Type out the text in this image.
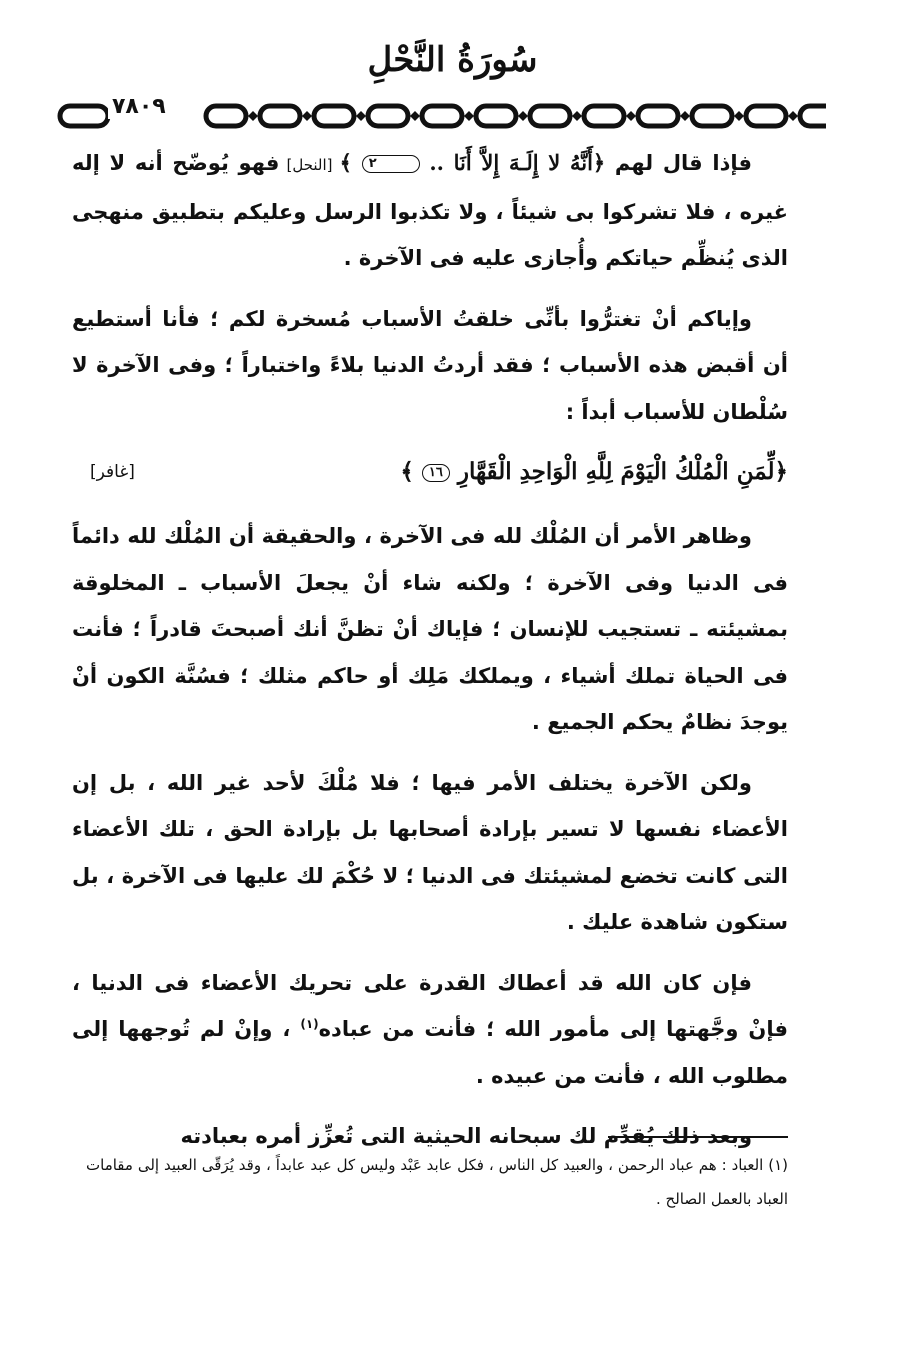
سُورَةُ النَّحْلِ
٧٨٠٩

فإذا قال لهم ﴿أَنَّهُ لا إِلَـهَ إِلاَّ أَنَا .. ٢ ﴾ [النحل] فهو يُوضّح أنه لا إله غيره ، فلا تشركوا بى شيئاً ، ولا تكذبوا الرسل وعليكم بتطبيق منهجى الذى يُنظِّم حياتكم وأُجازى عليه فى الآخرة .

وإياكم أنْ تغترُّوا بأنِّى خلقتُ الأسباب مُسخرة لكم ؛ فأنا أستطيع أن أقبض هذه الأسباب ؛ فقد أردتُ الدنيا بلاءً واختباراً ؛ وفى الآخرة لا سُلْطان للأسباب أبداً :

﴿لِّمَنِ الْمُلْكُ الْيَوْمَ لِلَّهِ الْوَاحِدِ الْقَهَّارِ ١٦ ﴾
[غافر]

وظاهر الأمر أن المُلْك لله فى الآخرة ، والحقيقة أن المُلْك لله دائماً فى الدنيا وفى الآخرة ؛ ولكنه شاء أنْ يجعلَ الأسباب ـ المخلوقة بمشيئته ـ تستجيب للإنسان ؛ فإياك أنْ تظنَّ أنك أصبحتَ قادراً ؛ فأنت فى الحياة تملك أشياء ، ويملكك مَلِك أو حاكم مثلك ؛ فسُنَّة الكون أنْ يوجدَ نظامٌ يحكم الجميع .

ولكن الآخرة يختلف الأمر فيها ؛ فلا مُلْكَ لأحد غير الله ، بل إن الأعضاء نفسها لا تسير بإرادة أصحابها بل بإرادة الحق ، تلك الأعضاء التى كانت تخضع لمشيئتك فى الدنيا ؛ لا حُكْمَ لك عليها فى الآخرة ، بل ستكون شاهدة عليك .

فإن كان الله قد أعطاك القدرة على تحريك الأعضاء فى الدنيا ، فإنْ وجَّهتها إلى مأمور الله ؛ فأنت من عباده$^{(١)}$ ، وإنْ لم تُوجهها إلى مطلوب الله ، فأنت من عبيده .

وبعد ذلك يُقدِّم لك سبحانه الحيثية التى تُعزِّز أمره بعبادته

(١) العباد : هم عباد الرحمن ، والعبيد كل الناس ، فكل عابد عَبْد وليس كل عبد عابداً ، وقد يُرَقّى العبيد إلى مقامات العباد بالعمل الصالح .
